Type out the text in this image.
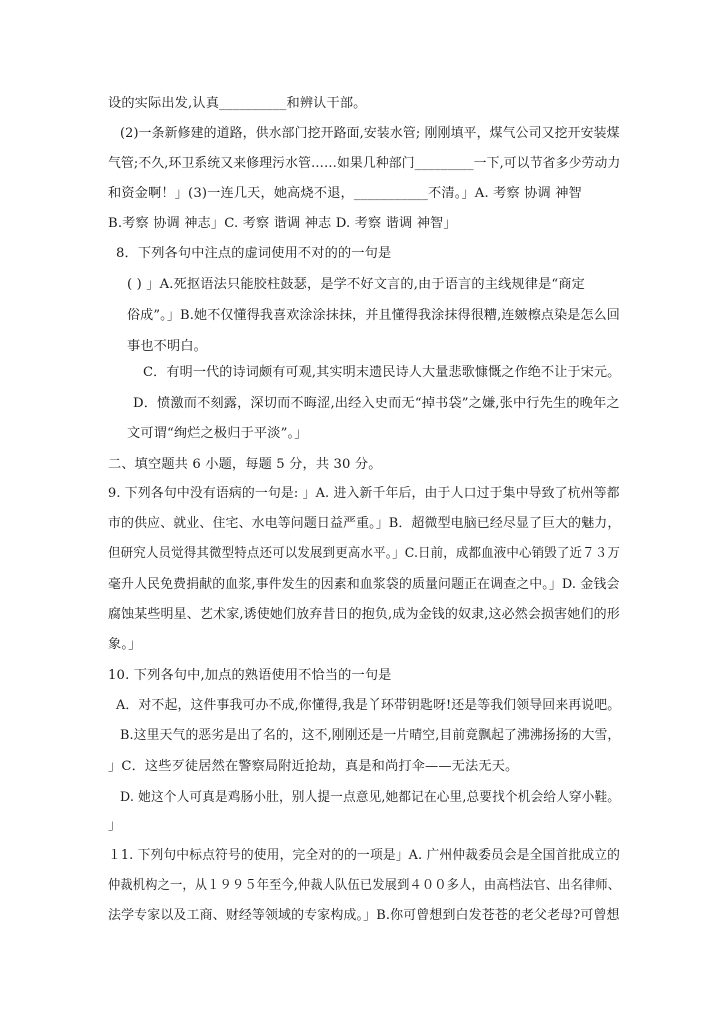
设的实际出发,认真__________和辨认干部。
(2)一条新修建的道路，供水部门挖开路面,安装水管; 刚刚填平，煤气公司又挖开安装煤
气管;不久,环卫系统又来修理污水管……如果几种部门_________一下,可以节省多少劳动力
和资金啊！」(3)一连几天，她高烧不退，___________不清。」A. 考察 协调 神智
B.考察 协调 神志」C. 考察 谐调 神志 D. 考察 谐调 神智」
8．下列各句中注点的虚词使用不对的的一句是
( ) 」A.死抠语法只能胶柱鼓瑟，是学不好文言的,由于语言的主线规律是“商定
俗成”。」B.她不仅懂得我喜欢涂涂抹抹，并且懂得我涂抹得很糟,连皴檫点染是怎么回
事也不明白。
C．有明一代的诗词颇有可观,其实明末遗民诗人大量悲歌慷慨之作绝不让于宋元。
D．愤激而不刻露，深切而不晦涩,出经入史而无“掉书袋”之嫌,张中行先生的晚年之
文可谓“绚烂之极归于平淡”。」
二、填空题共 6 小题，每题 5 分，共 30 分。
9. 下列各句中没有语病的一句是: 」A. 进入新千年后，由于人口过于集中导致了杭州等都
市的供应、就业、住宅、水电等问题日益严重。」B．超微型电脑已经尽显了巨大的魅力，
但研究人员觉得其微型特点还可以发展到更高水平。」C.日前，成都血液中心销毁了近７３万
毫升人民免费捐献的血浆,事件发生的因素和血浆袋的质量问题正在调查之中。」D. 金钱会
腐蚀某些明星、艺术家,诱使她们放弃昔日的抱负,成为金钱的奴隶,这必然会损害她们的形
象。」
10. 下列各句中,加点的熟语使用不恰当的一句是
A．对不起，这件事我可办不成,你懂得,我是丫环带钥匙呀!还是等我们领导回来再说吧。
B.这里天气的恶劣是出了名的，这不,刚刚还是一片晴空,目前竟飘起了沸沸扬扬的大雪，
」C．这些歹徒居然在警察局附近抢劫，真是和尚打伞——无法无天。
D. 她这个人可真是鸡肠小肚，别人提一点意见,她都记在心里,总要找个机会给人穿小鞋。
」
１1. 下列句中标点符号的使用，完全对的的一项是」A. 广州仲裁委员会是全国首批成立的
仲裁机构之一，从１９９５年至今,仲裁人队伍已发展到４００多人，由高档法官、出名律师、
法学专家以及工商、财经等领域的专家构成。」B.你可曾想到白发苍苍的老父老母?可曾想
